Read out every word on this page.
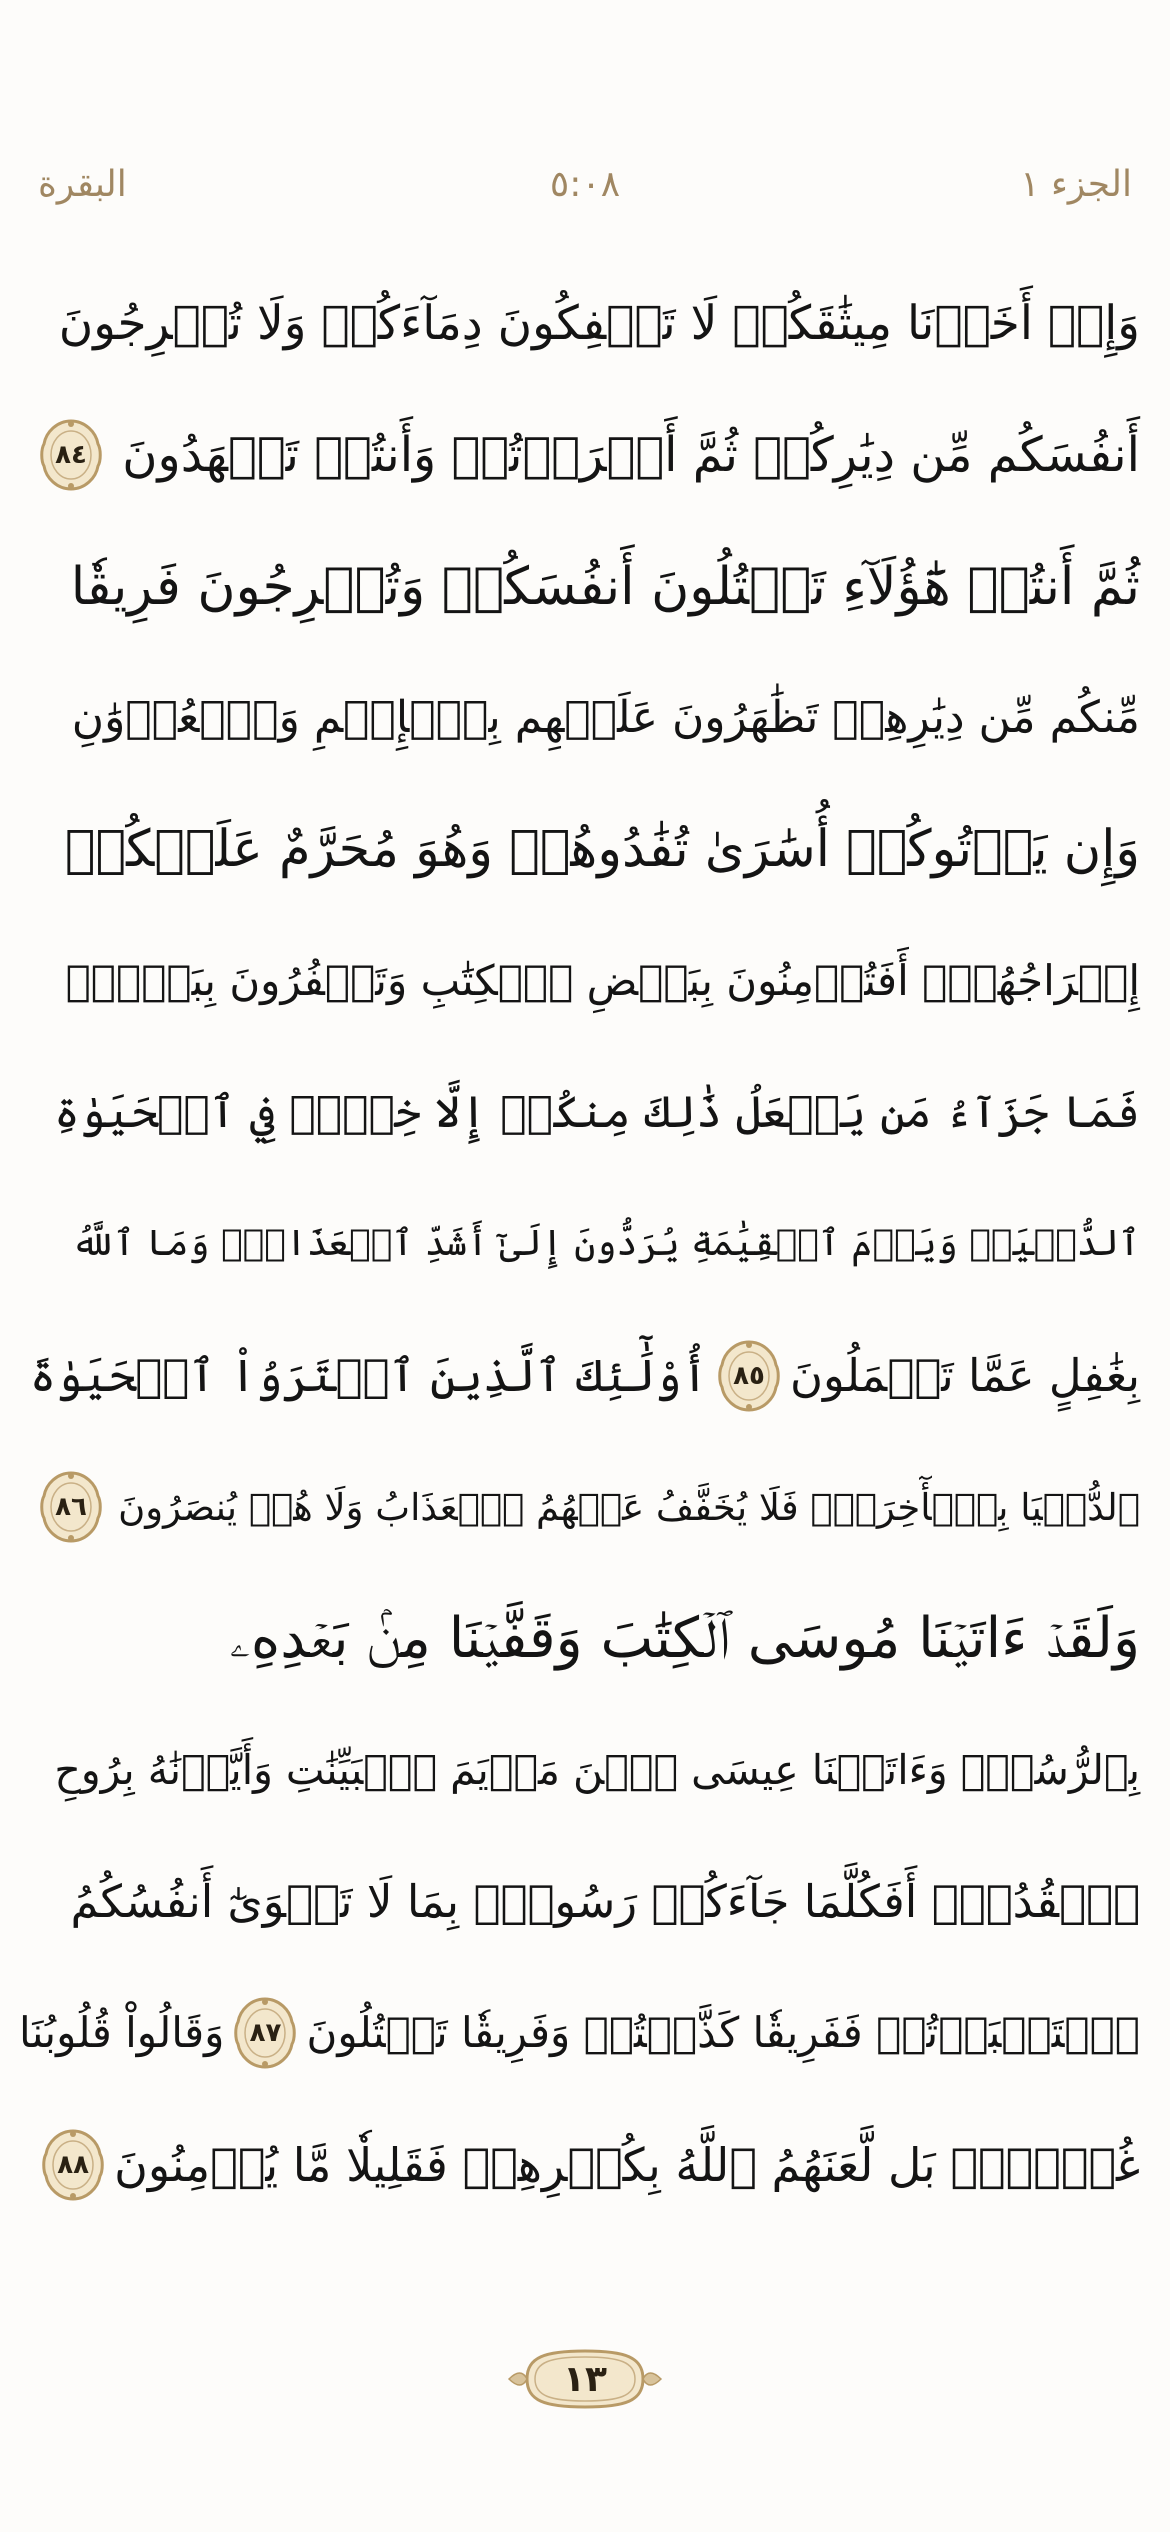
الجزء ١
٥:٠٨
البقرة
وَإِذۡ أَخَذۡنَا مِيثَٰقَكُمۡ لَا تَسۡفِكُونَ دِمَآءَكُمۡ وَلَا تُخۡرِجُونَ
أَنفُسَكُم مِّن دِيَٰرِكُمۡ ثُمَّ أَقۡرَرۡتُمۡ وَأَنتُمۡ تَشۡهَدُونَ
٨٤
ثُمَّ أَنتُمۡ هَٰٓؤُلَآءِ تَقۡتُلُونَ أَنفُسَكُمۡ وَتُخۡرِجُونَ فَرِيقٗا
مِّنكُم مِّن دِيَٰرِهِمۡ تَظَٰهَرُونَ عَلَيۡهِم بِٱلۡإِثۡمِ وَٱلۡعُدۡوَٰنِ
وَإِن يَأۡتُوكُمۡ أُسَٰرَىٰ تُفَٰدُوهُمۡ وَهُوَ مُحَرَّمٌ عَلَيۡكُمۡ
إِخۡرَاجُهُمۡۚ أَفَتُؤۡمِنُونَ بِبَعۡضِ ٱلۡكِتَٰبِ وَتَكۡفُرُونَ بِبَعۡضٖۚ
فَمَا جَزَآءُ مَن يَفۡعَلُ ذَٰلِكَ مِنكُمۡ إِلَّا خِزۡيٞ فِي ٱلۡحَيَوٰةِ
ٱلدُّنۡيَاۖ وَيَوۡمَ ٱلۡقِيَٰمَةِ يُرَدُّونَ إِلَىٰٓ أَشَدِّ ٱلۡعَذَابِۗ وَمَا ٱللَّهُ
بِغَٰفِلٍ عَمَّا تَعۡمَلُونَ
٨٥
أُوْلَٰٓئِكَ ٱلَّذِينَ ٱشۡتَرَوُاْ ٱلۡحَيَوٰةَ
ٱلدُّنۡيَا بِٱلۡأٓخِرَةِۖ فَلَا يُخَفَّفُ عَنۡهُمُ ٱلۡعَذَابُ وَلَا هُمۡ يُنصَرُونَ
٨٦
وَلَقَدۡ ءَاتَيۡنَا مُوسَى ٱلۡكِتَٰبَ وَقَفَّيۡنَا مِنۢ بَعۡدِهِۦ
بِٱلرُّسُلِۖ وَءَاتَيۡنَا عِيسَى ٱبۡنَ مَرۡيَمَ ٱلۡبَيِّنَٰتِ وَأَيَّدۡنَٰهُ بِرُوحِ
ٱلۡقُدُسِۗ أَفَكُلَّمَا جَآءَكُمۡ رَسُولُۢ بِمَا لَا تَهۡوَىٰٓ أَنفُسُكُمُ
ٱسۡتَكۡبَرۡتُمۡ فَفَرِيقٗا كَذَّبۡتُمۡ وَفَرِيقٗا تَقۡتُلُونَ
٨٧
وَقَالُواْ قُلُوبُنَا
غُلۡفُۢۚ بَل لَّعَنَهُمُ ٱللَّهُ بِكُفۡرِهِمۡ فَقَلِيلٗا مَّا يُؤۡمِنُونَ
٨٨
١٣
